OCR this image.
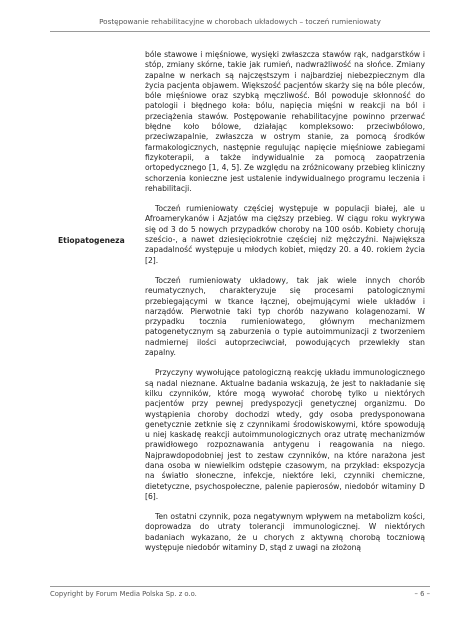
Postępowanie rehabilitacyjne w chorobach układowych – toczeń rumieniowaty
Etiopatogeneza

bóle stawowe i mięśniowe, wysięki zwłaszcza stawów rąk, nadgarstków i stóp, zmiany skórne, takie jak rumień, nadwrażliwość na słońce. Zmiany zapalne w nerkach są najczęstszym i najbardziej niebezpiecznym dla życia pacjenta objawem. Większość pacjentów skarży się na bóle pleców, bóle mięśniowe oraz szybką męczliwość. Ból powoduje skłonność do patologii i błędnego koła: bólu, napięcia mięśni w reakcji na ból i przeciążenia stawów. Postępowanie rehabilitacyjne powinno przerwać błędne koło bólowe, działając kompleksowo: przeciwbólowo, przeciwzapalnie, zwłaszcza w ostrym stanie, za pomocą środków farmakologicznych, następnie regulując napięcie mięśniowe zabiegami fizykoterapii, a także indywidualnie za pomocą zaopatrzenia ortopedycznego [1, 4, 5]. Ze względu na zróżnicowany przebieg kliniczny schorzenia konieczne jest ustalenie indywidualnego programu leczenia i rehabilitacji.

Toczeń rumieniowaty częściej występuje w populacji białej, ale u Afroamerykanów i Azjatów ma cięższy przebieg. W ciągu roku wykrywa się od 3 do 5 nowych przypadków choroby na 100 osób. Kobiety chorują sześcio-, a nawet dziesięciokrotnie częściej niż mężczyźni. Największa zapadalność występuje u młodych kobiet, między 20. a 40. rokiem życia [2].

Toczeń rumieniowaty układowy, tak jak wiele innych chorób reumatycznych, charakteryzuje się procesami patologicznymi przebiegającymi w tkance łącznej, obejmującymi wiele układów i narządów. Pierwotnie taki typ chorób nazywano kolagenozami. W przypadku tocznia rumieniowatego, głównym mechanizmem patogenetycznym są zaburzenia o typie autoimmunizacji z tworzeniem nadmiernej ilości autoprzeciwciał, powodujących przewlekły stan zapalny.

Przyczyny wywołujące patologiczną reakcję układu immunologicznego są nadal nieznane. Aktualne badania wskazują, że jest to nakładanie się kilku czynników, które mogą wywołać chorobę tylko u niektórych pacjentów przy pewnej predyspozycji genetycznej organizmu. Do wystąpienia choroby dochodzi wtedy, gdy osoba predysponowana genetycznie zetknie się z czynnikami środowiskowymi, które spowodują u niej kaskadę reakcji autoimmunologicznych oraz utratę mechanizmów prawidłowego rozpoznawania antygenu i reagowania na niego. Najprawdopodobniej jest to zestaw czynników, na które narażona jest dana osoba w niewielkim odstępie czasowym, na przykład: ekspozycja na światło słoneczne, infekcje, niektóre leki, czynniki chemiczne, dietetyczne, psychospołeczne, palenie papierosów, niedobór witaminy D [6].

Ten ostatni czynnik, poza negatywnym wpływem na metabolizm kości, doprowadza do utraty tolerancji immunologicznej. W niektórych badaniach wykazano, że u chorych z aktywną chorobą toczniową występuje niedobór witaminy D, stąd z uwagi na złożoną

Copyright by Forum Media Polska Sp. z o.o.	– 6 –
